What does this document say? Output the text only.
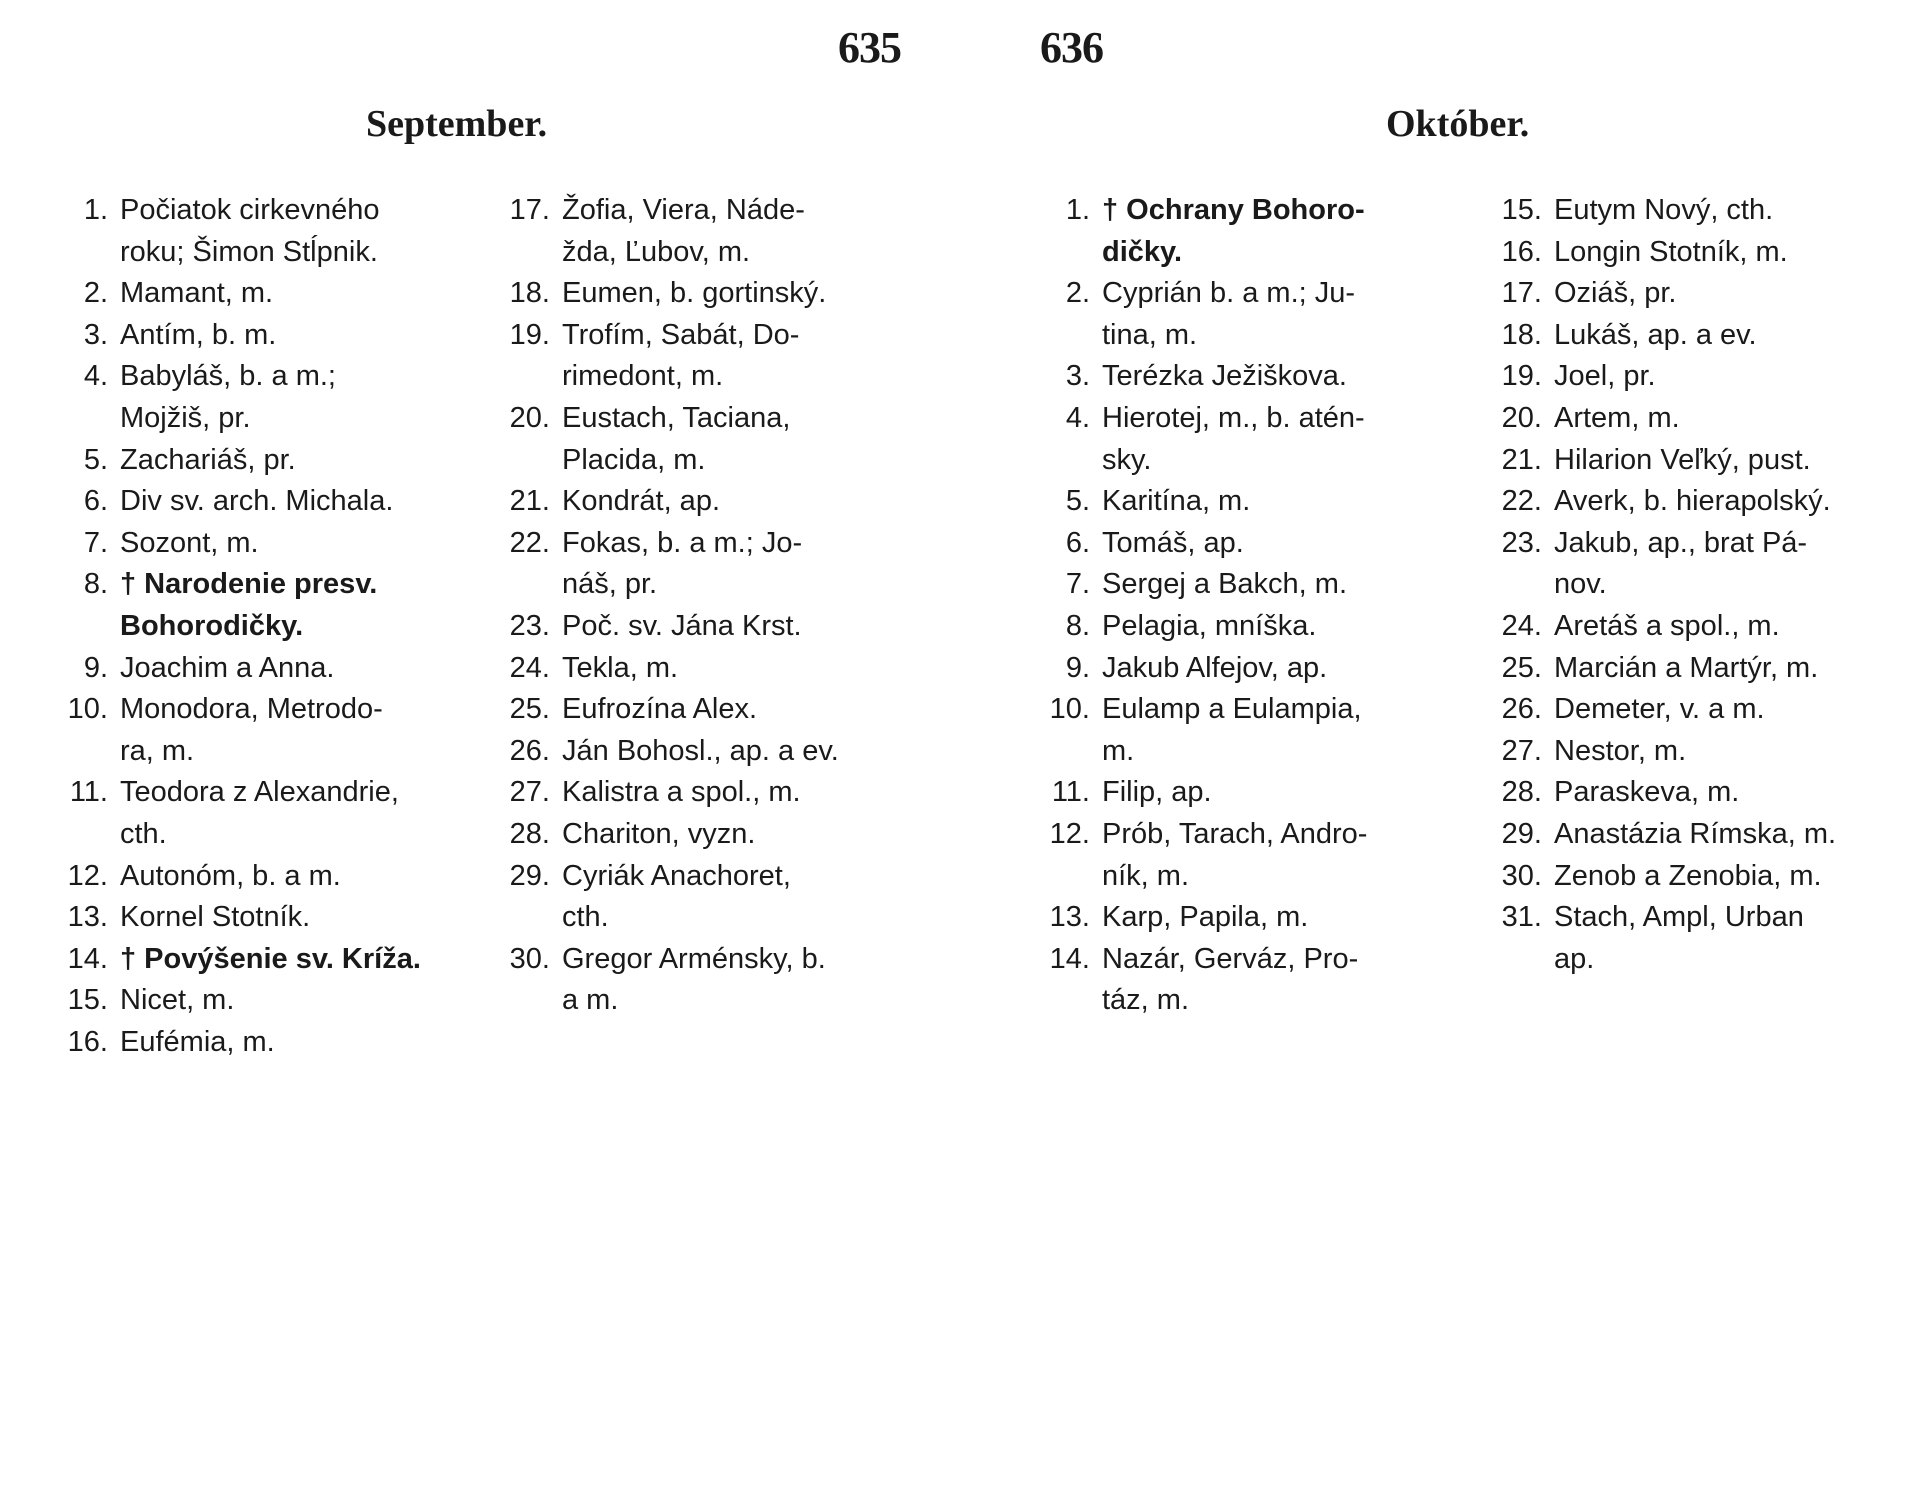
635	636
September.	Október.
1. Počiatok cirkevného
roku; Šimon Stĺpnik.
2. Mamant, m.
3. Antím, b. m.
4. Babyláš, b. a m.;
Mojžiš, pr.
5. Zachariáš, pr.
6. Div sv. arch. Michala.
7. Sozont, m.
8. † Narodenie presv.
Bohorodičky.
9. Joachim a Anna.
10. Monodora, Metrodo-
ra, m.
11. Teodora z Alexandrie,
cth.
12. Autonóm, b. a m.
13. Kornel Stotník.
14. † Povýšenie sv. Kríža.
15. Nicet, m.
16. Eufémia, m.
17. Žofia, Viera, Náde-
žda, Ľubov, m.
18. Eumen, b. gortinský.
19. Trofím, Sabát, Do-
rimedont, m.
20. Eustach, Taciana,
Placida, m.
21. Kondrát, ap.
22. Fokas, b. a m.; Jo-
náš, pr.
23. Poč. sv. Jána Krst.
24. Tekla, m.
25. Eufrozína Alex.
26. Ján Bohosl., ap. a ev.
27. Kalistra a spol., m.
28. Chariton, vyzn.
29. Cyriák Anachoret,
cth.
30. Gregor Arménsky, b.
a m.
1. † Ochrany Bohoro-
dičky.
2. Cyprián b. a m.; Ju-
tina, m.
3. Terézka Ježiškova.
4. Hierotej, m., b. atén-
sky.
5. Karitína, m.
6. Tomáš, ap.
7. Sergej a Bakch, m.
8. Pelagia, mníška.
9. Jakub Alfejov, ap.
10. Eulamp a Eulampia,
m.
11. Filip, ap.
12. Prób, Tarach, Andro-
ník, m.
13. Karp, Papila, m.
14. Nazár, Gerváz, Pro-
táz, m.
15. Eutym Nový, cth.
16. Longin Stotník, m.
17. Oziáš, pr.
18. Lukáš, ap. a ev.
19. Joel, pr.
20. Artem, m.
21. Hilarion Veľký, pust.
22. Averk, b. hierapolský.
23. Jakub, ap., brat Pá-
nov.
24. Aretáš a spol., m.
25. Marcián a Martýr, m.
26. Demeter, v. a m.
27. Nestor, m.
28. Paraskeva, m.
29. Anastázia Rímska, m.
30. Zenob a Zenobia, m.
31. Stach, Ampl, Urban
ap.
